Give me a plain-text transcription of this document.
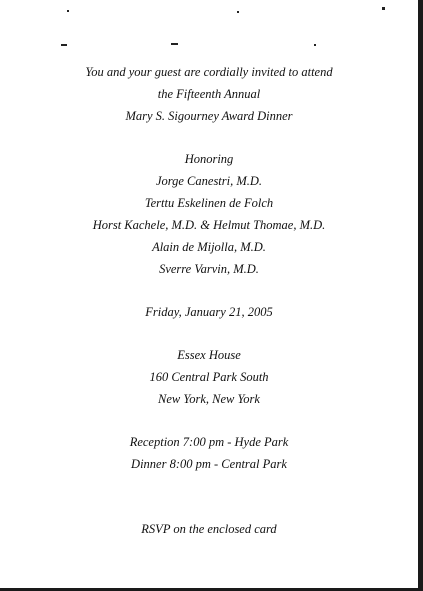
You and your guest are cordially invited to attend
the Fifteenth Annual
Mary S. Sigourney Award Dinner
Honoring
Jorge Canestri, M.D.
Terttu Eskelinen de Folch
Horst Kachele, M.D. & Helmut Thomae, M.D.
Alain de Mijolla, M.D.
Sverre Varvin, M.D.
Friday, January 21, 2005
Essex House
160 Central Park South
New York, New York
Reception 7:00 pm - Hyde Park
Dinner 8:00 pm - Central Park
RSVP on the enclosed card
